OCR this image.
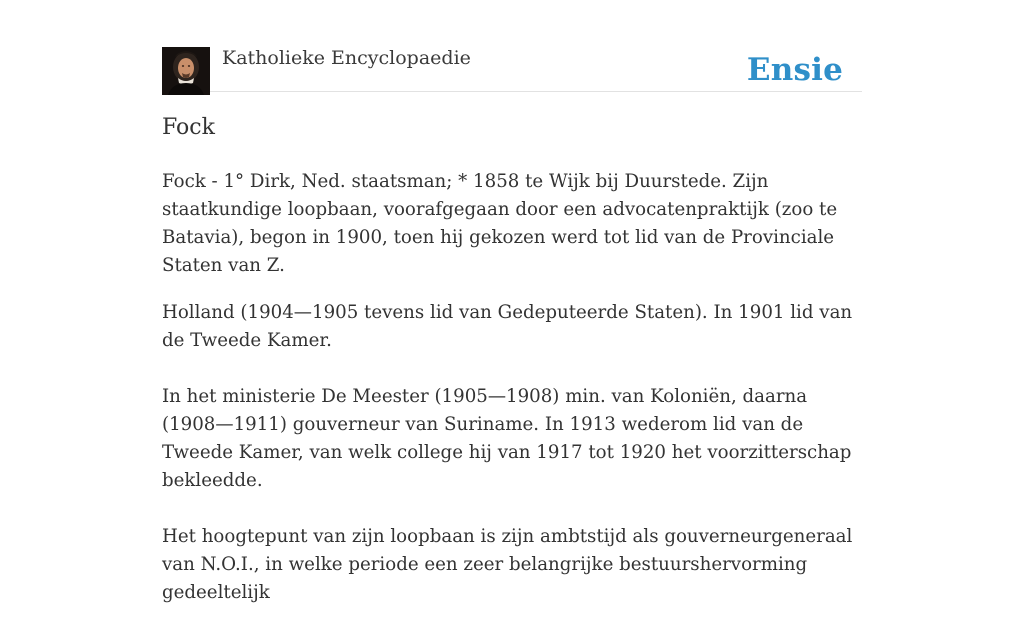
Katholieke Encyclopaedie	Ensie
Fock

Fock - 1° Dirk, Ned. staatsman; * 1858 te Wijk bij Duurstede. Zijn staatkundige loopbaan, voorafgegaan door een advocatenpraktijk (zoo te Batavia), begon in 1900, toen hij gekozen werd tot lid van de Provinciale Staten van Z.

Holland (1904—1905 tevens lid van Gedeputeerde Staten). In 1901 lid van de Tweede Kamer.

In het ministerie De Meester (1905—1908) min. van Koloniën, daarna (1908—1911) gouverneur van Suriname. In 1913 wederom lid van de Tweede Kamer, van welk college hij van 1917 tot 1920 het voorzitterschap bekleedde.

Het hoogtepunt van zijn loopbaan is zijn ambtstijd als gouverneurgeneraal van N.O.I., in welke periode een zeer belangrijke bestuurshervorming gedeeltelijk
